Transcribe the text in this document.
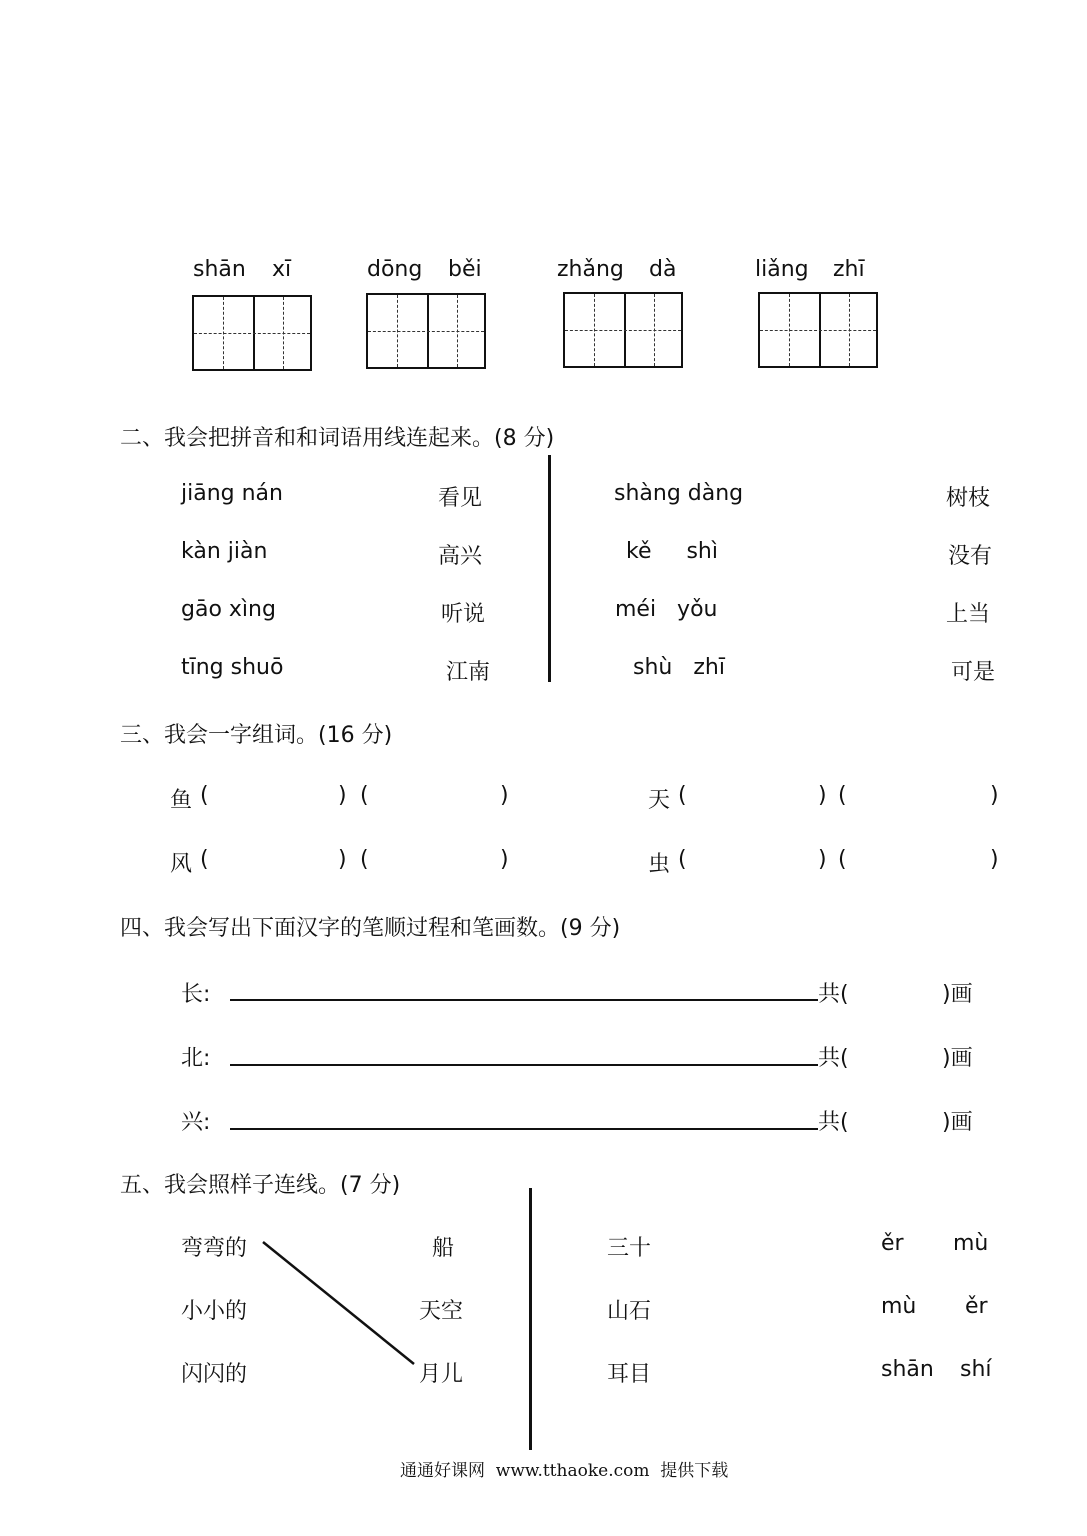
shān xī	dōng běi	zhǎng dà	liǎng zhī
二、我会把拼音和和词语用线连起来。(8 分)
jiāng nán	看见
kàn jiàn	高兴
gāo xìng	听说
tīng shuō	江南
shàng dàng	树枝
kě     shì	没有
méi   yǒu	上当
shù   zhī	可是
三、我会一字组词。(16 分)
鱼 (	) (	)	天 (	) (	)
风 (	) (	)	虫 (	) (	)
四、我会写出下面汉字的笔顺过程和笔画数。(9 分)
长:	共(	)画
北:	共(	)画
兴:	共(	)画
五、我会照样子连线。(7 分)
弯弯的	船
小小的	天空
闪闪的	月儿
三十	ěr mù
山石	mù ěr
耳目	shān shí
通通好课网  www.tthaoke.com  提供下载
